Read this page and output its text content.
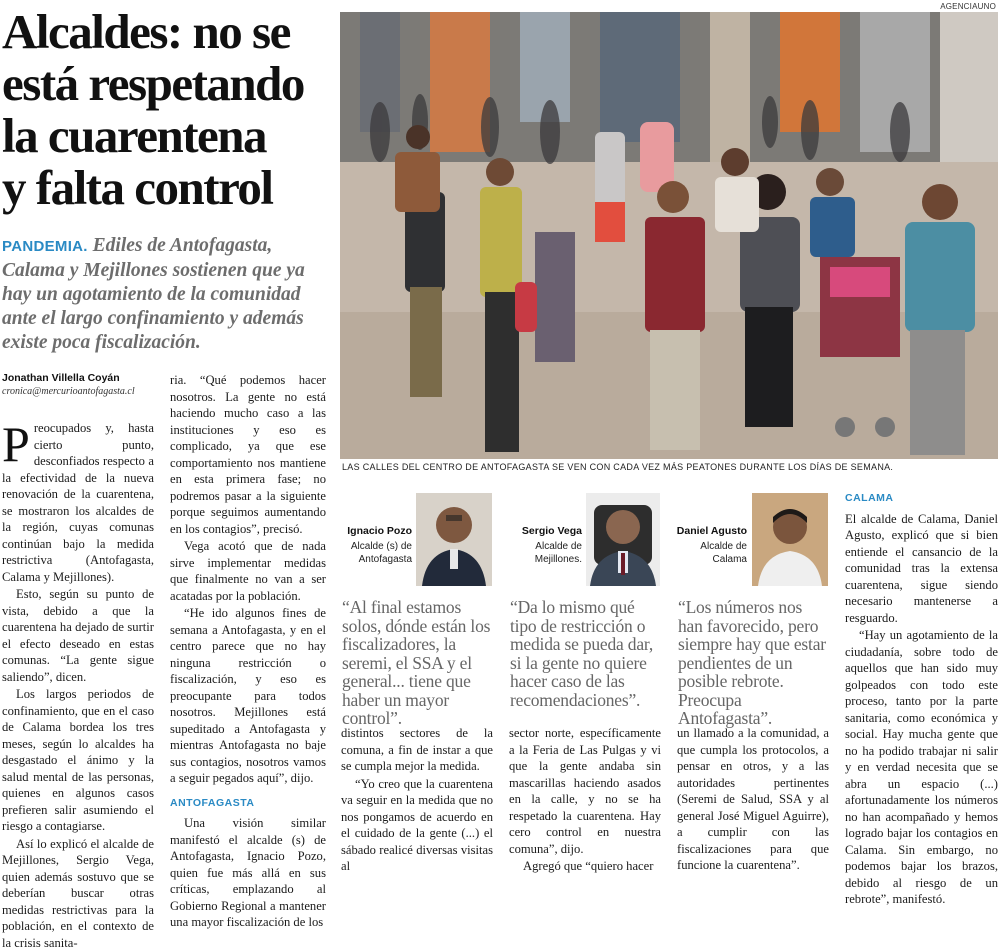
AGENCIAUNO
Alcaldes: no se
está respetando
la cuarentena
y falta control
PANDEMIA. Ediles de Antofagasta, Calama y Mejillones sostienen que ya hay un agotamiento de la comunidad ante el largo confinamiento y además existe poca fiscalización.
LAS CALLES DEL CENTRO DE ANTOFAGASTA SE VEN CON CADA VEZ MÁS PEATONES DURANTE LOS DÍAS DE SEMANA.
Jonathan Villella Coyán
cronica@mercurioantofagasta.cl

Preocupados y, hasta cierto punto, desconfiados respecto a la efectividad de la nueva renovación de la cuarentena, se mostraron los alcaldes de la región, cuyas comunas continúan bajo la medida restrictiva (Antofagasta, Calama y Mejillones).

Esto, según su punto de vista, debido a que la cuarentena ha dejado de surtir el efecto deseado en estas comunas. “La gente sigue saliendo”, dicen.

Los largos periodos de confinamiento, que en el caso de Calama bordea los tres meses, según lo alcaldes ha desgastado el ánimo y la salud mental de las personas, quienes en algunos casos prefieren salir asumiendo el riesgo a contagiarse.

Así lo explicó el alcalde de Mejillones, Sergio Vega, quien además sostuvo que se deberían buscar otras medidas restrictivas para la población, en el contexto de la crisis sanita-

ria. “Qué podemos hacer nosotros. La gente no está haciendo mucho caso a las instituciones y eso es complicado, ya que ese comportamiento nos mantiene en esta primera fase; no podremos pasar a la siguiente porque seguimos aumentando en los contagios”, precisó.

Vega acotó que de nada sirve implementar medidas que finalmente no van a ser acatadas por la población.

“He ido algunos fines de semana a Antofagasta, y en el centro parece que no hay ninguna restricción o fiscalización, y eso es preocupante para todos nosotros. Mejillones está supeditado a Antofagasta y mientras Antofagasta no baje sus contagios, nosotros vamos a seguir pegados aquí”, dijo.

ANTOFAGASTA

Una visión similar manifestó el alcalde (s) de Antofagasta, Ignacio Pozo, quien fue más allá en sus críticas, emplazando al Gobierno Regional a mantener una mayor fiscalización de los

Ignacio Pozo
Alcalde (s) de Antofagasta
“Al final estamos solos, dónde están los fiscalizadores, la seremi, el SSA y el general... tiene que haber un mayor control”.
Sergio Vega
Alcalde de Mejillones.
“Da lo mismo qué tipo de restricción o medida se pueda dar, si la gente no quiere hacer caso de las recomendaciones”.
Daniel Agusto
Alcalde de Calama
“Los números nos han favorecido, pero siempre hay que estar pendientes de un posible rebrote. Preocupa Antofagasta”.

distintos sectores de la comuna, a fin de instar a que se cumpla mejor la medida.

“Yo creo que la cuarentena va seguir en la medida que no nos pongamos de acuerdo en el cuidado de la gente (...) el sábado realicé diversas visitas al

sector norte, específicamente a la Feria de Las Pulgas y vi que la gente andaba sin mascarillas haciendo asados en la calle, y no se ha respetado la cuarentena. Hay cero control en nuestra comuna”, dijo.

Agregó que “quiero hacer

un llamado a la comunidad, a que cumpla los protocolos, a pensar en otros, y a las autoridades pertinentes (Seremi de Salud, SSA y al general José Miguel Aguirre), a cumplir con las fiscalizaciones para que funcione la cuarentena”.

CALAMA

El alcalde de Calama, Daniel Agusto, explicó que si bien entiende el cansancio de la comunidad tras la extensa cuarentena, sigue siendo necesario mantenerse a resguardo.

“Hay un agotamiento de la ciudadanía, sobre todo de aquellos que han sido muy golpeados con todo este proceso, tanto por la parte sanitaria, como económica y social. Hay mucha gente que no ha podido trabajar ni salir y en verdad necesita que se abra un espacio (...) afortunadamente los números no han acompañado y hemos logrado bajar los contagios en Calama. Sin embargo, no podemos bajar los brazos, debido al riesgo de un rebrote”, manifestó.
